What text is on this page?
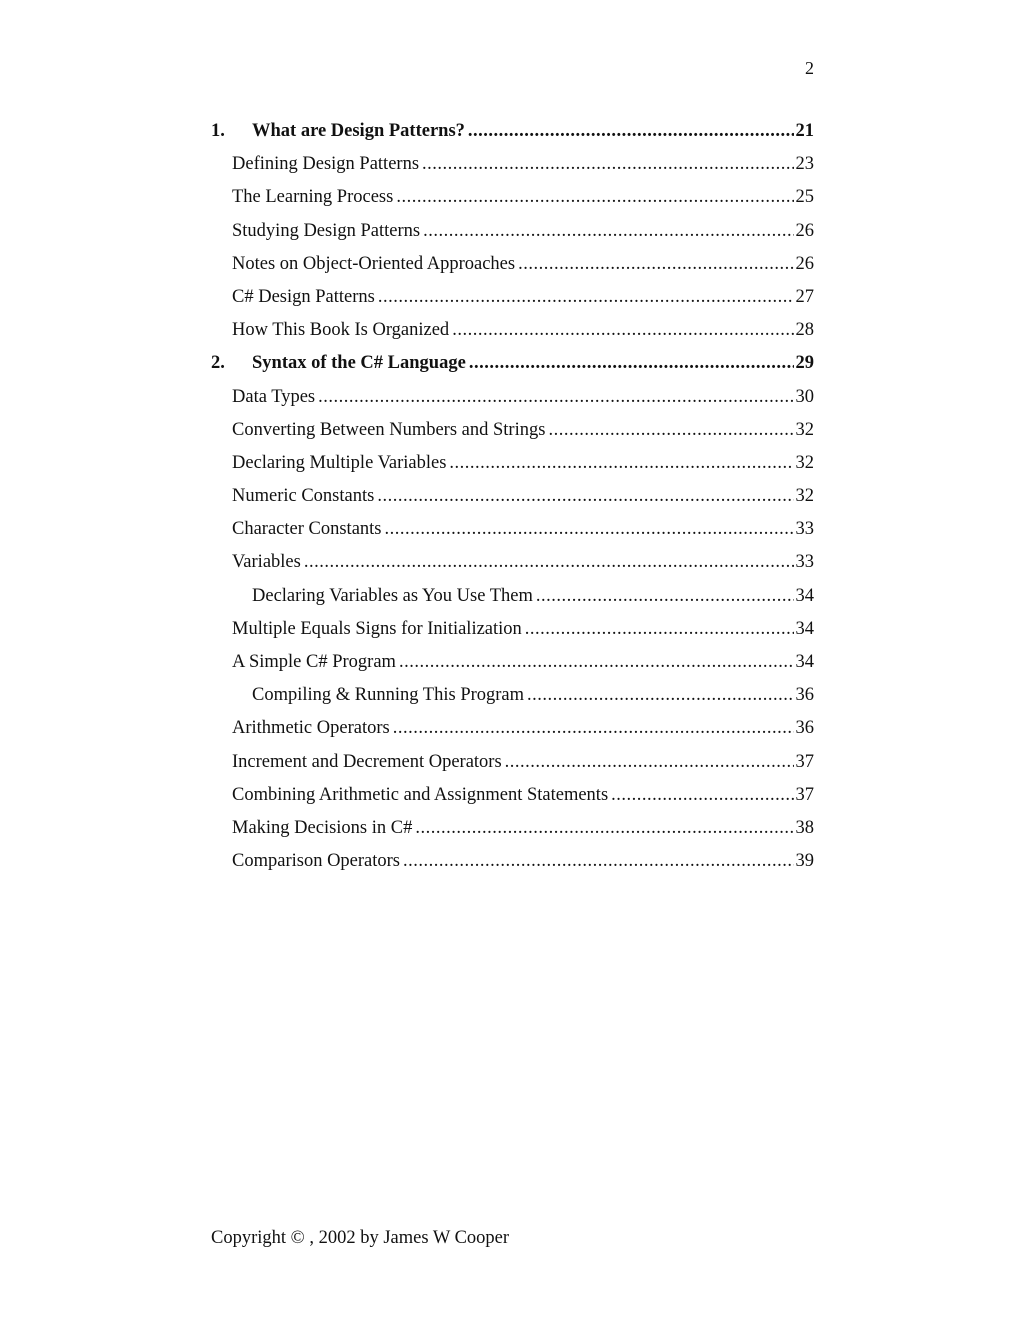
2
1.	What are Design Patterns? .....	21
Defining Design Patterns .....	23
The Learning Process .....	25
Studying Design Patterns .....	26
Notes on Object-Oriented Approaches .....	26
C# Design Patterns .....	27
How This Book Is Organized .....	28
2.	Syntax of the C# Language .....	29
Data Types .....	30
Converting Between Numbers and Strings .....	32
Declaring Multiple Variables .....	32
Numeric Constants .....	32
Character Constants .....	33
Variables .....	33
Declaring Variables as You Use Them .....	34
Multiple Equals Signs for Initialization .....	34
A Simple C# Program .....	34
Compiling & Running This Program .....	36
Arithmetic Operators .....	36
Increment and Decrement Operators .....	37
Combining Arithmetic and Assignment Statements .....	37
Making Decisions in C# .....	38
Comparison Operators .....	39
Copyright © , 2002 by James W Cooper
